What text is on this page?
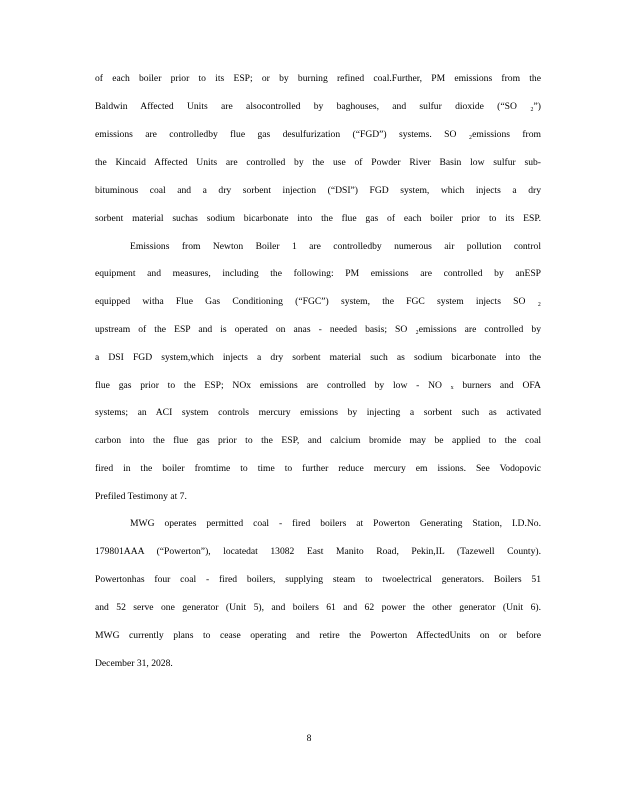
of each boiler prior to its ESP; or by burning refined coal.Further, PM emissions from the
Baldwin Affected Units are alsocontrolled by baghouses, and sulfur dioxide (“SO ₂”)
emissions are controlledby flue gas desulfurization (“FGD”) systems. SO ₂emissions from
the Kincaid Affected Units are controlled by the use of Powder River Basin low sulfur sub-
bituminous coal and a dry sorbent injection (“DSI”) FGD system, which injects a dry
sorbent material suchas sodium bicarbonate into the flue gas of each boiler prior to its ESP.
Emissions from Newton Boiler 1 are controlledby numerous air pollution control
equipment and measures, including the following: PM emissions are controlled by anESP
equipped witha Flue Gas Conditioning (“FGC”) system, the FGC system injects SO ₂
upstream of the ESP and is operated on anas - needed basis; SO ₂emissions are controlled by
a DSI FGD system,which injects a dry sorbent material such as sodium bicarbonate into the
flue gas prior to the ESP; NOx emissions are controlled by low - NO ₓ burners and OFA
systems; an ACI system controls mercury emissions by injecting a sorbent such as activated
carbon into the flue gas prior to the ESP, and calcium bromide may be applied to the coal
fired in the boiler fromtime to time to further reduce mercury em issions. See Vodopovic
Prefiled Testimony at 7.
MWG operates permitted coal - fired boilers at Powerton Generating Station, I.D.No.
179801AAA (“Powerton”), locatedat 13082 East Manito Road, Pekin,IL (Tazewell County).
Powertonhas four coal - fired boilers, supplying steam to twoelectrical generators. Boilers 51
and 52 serve one generator (Unit 5), and boilers 61 and 62 power the other generator (Unit 6).
MWG currently plans to cease operating and retire the Powerton AffectedUnits on or before
December 31, 2028.
8
